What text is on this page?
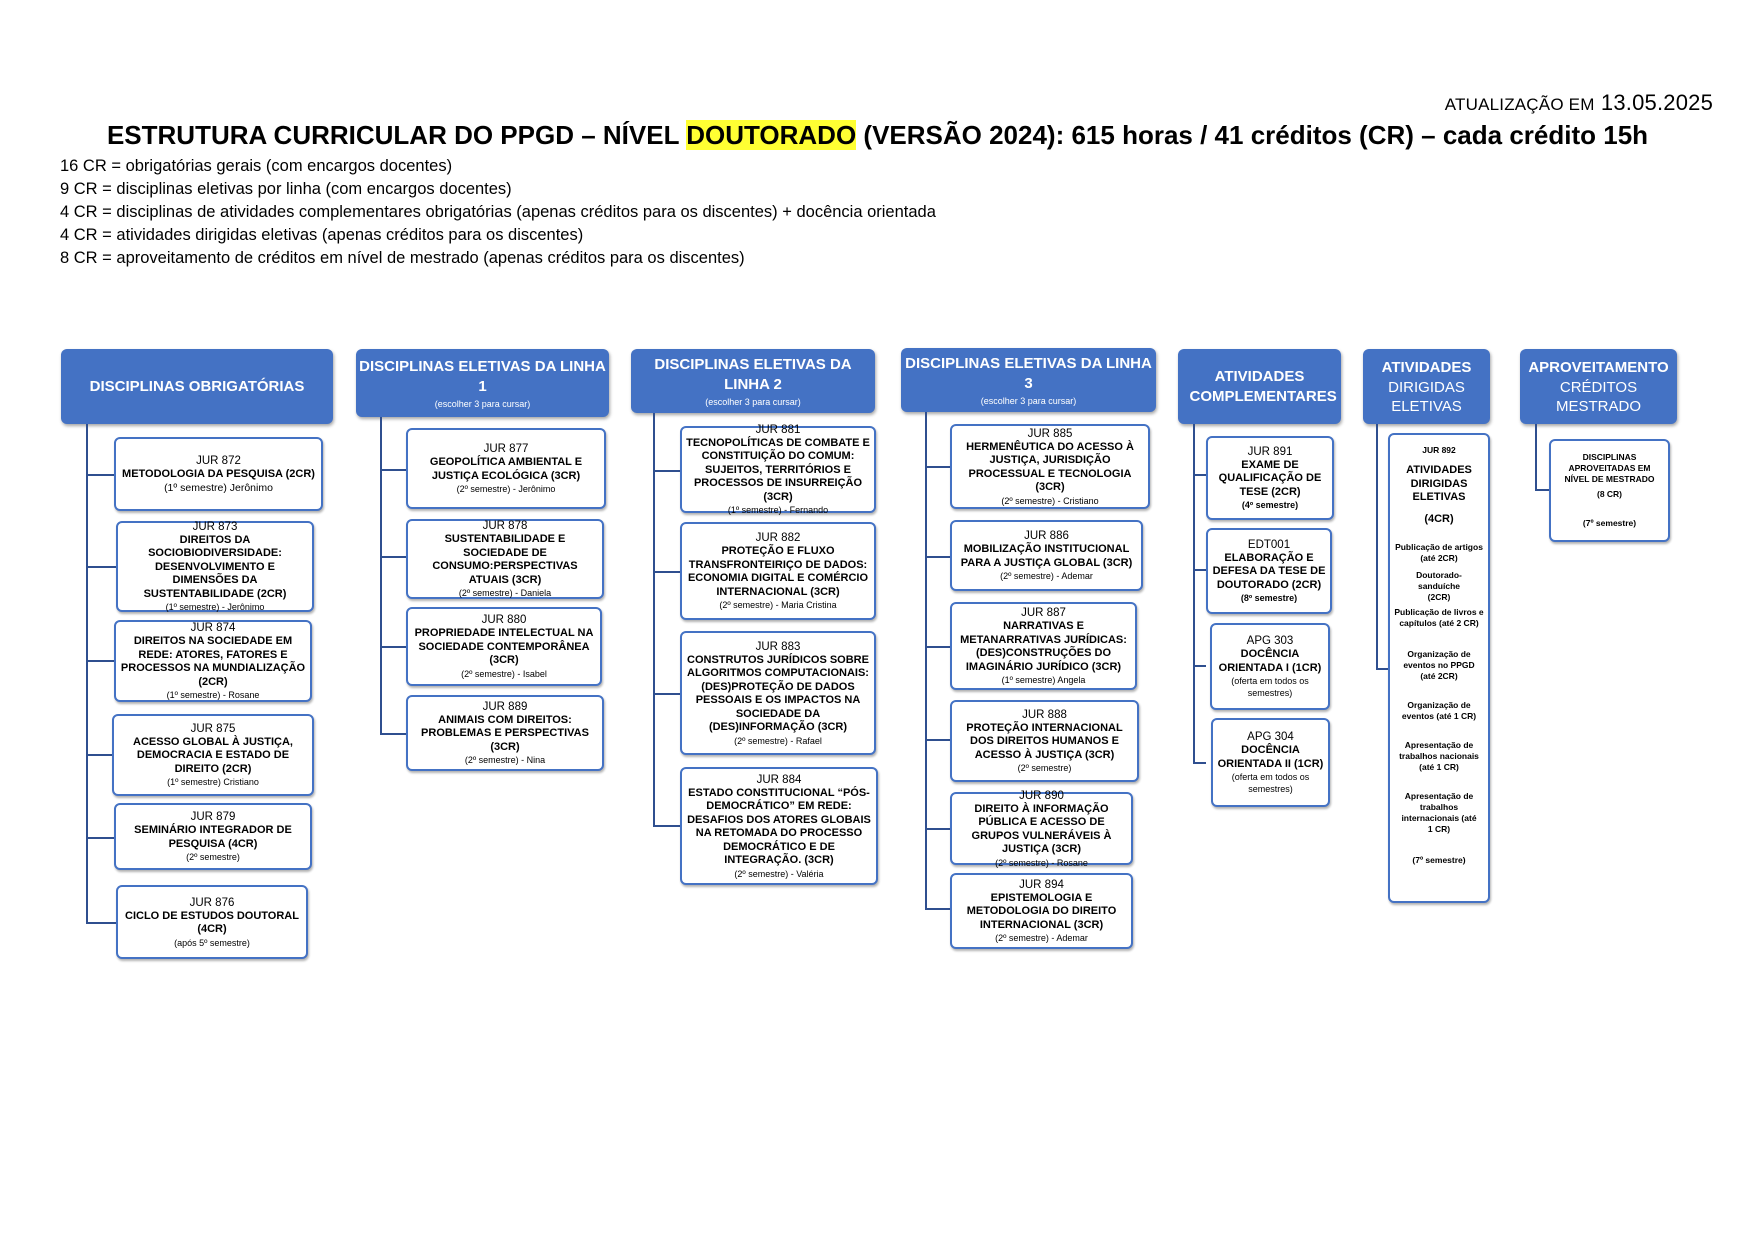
ATUALIZAÇÃO EM 13.05.2025
ESTRUTURA CURRICULAR DO PPGD – NÍVEL DOUTORADO (VERSÃO 2024): 615 horas / 41 créditos (CR) – cada crédito 15h
16 CR = obrigatórias gerais (com encargos docentes)
9 CR = disciplinas eletivas por linha (com encargos docentes)
4 CR = disciplinas de atividades complementares obrigatórias (apenas créditos para os discentes) + docência orientada
4 CR = atividades dirigidas eletivas (apenas créditos para os discentes)
8 CR = aproveitamento de créditos em nível de mestrado (apenas créditos para os discentes)
DISCIPLINAS OBRIGATÓRIAS
JUR 872
METODOLOGIA DA PESQUISA (2CR)
(1º semestre) Jerônimo
JUR 873
DIREITOS DA SOCIOBIODIVERSIDADE: DESENVOLVIMENTO E DIMENSÕES DA SUSTENTABILIDADE (2CR)
(1º semestre) - Jerônimo
JUR 874
DIREITOS NA SOCIEDADE EM REDE: ATORES, FATORES E PROCESSOS NA MUNDIALIZAÇÃO (2CR)
(1º semestre) - Rosane
JUR 875
ACESSO GLOBAL À JUSTIÇA, DEMOCRACIA E ESTADO DE DIREITO (2CR)
(1º semestre) Cristiano
JUR 879
SEMINÁRIO INTEGRADOR DE PESQUISA (4CR)
(2º semestre)
JUR 876
CICLO DE ESTUDOS DOUTORAL (4CR)
(após 5º semestre)
DISCIPLINAS ELETIVAS DA LINHA 1
(escolher 3 para cursar)
JUR 877
GEOPOLÍTICA AMBIENTAL E JUSTIÇA ECOLÓGICA (3CR)
(2º semestre) - Jerônimo
JUR 878
SUSTENTABILIDADE E SOCIEDADE DE CONSUMO:PERSPECTIVAS ATUAIS (3CR)
(2º semestre) - Daniela
JUR 880
PROPRIEDADE INTELECTUAL NA SOCIEDADE CONTEMPORÂNEA (3CR)
(2º semestre) - Isabel
JUR 889
ANIMAIS COM DIREITOS: PROBLEMAS E PERSPECTIVAS (3CR)
(2º semestre) - Nina
DISCIPLINAS ELETIVAS DA LINHA 2
(escolher 3 para cursar)
JUR 881
TECNOPOLÍTICAS DE COMBATE E CONSTITUIÇÃO DO COMUM: SUJEITOS, TERRITÓRIOS E PROCESSOS DE INSURREIÇÃO (3CR)
(1º semestre) - Fernando
JUR 882
PROTEÇÃO E FLUXO TRANSFRONTEIRIÇO DE DADOS: ECONOMIA DIGITAL E COMÉRCIO INTERNACIONAL (3CR)
(2º semestre) - Maria Cristina
JUR 883
CONSTRUTOS JURÍDICOS SOBRE ALGORITMOS COMPUTACIONAIS: (DES)PROTEÇÃO DE DADOS PESSOAIS E OS IMPACTOS NA SOCIEDADE DA (DES)INFORMAÇÃO (3CR)
(2º semestre) - Rafael
JUR 884
ESTADO CONSTITUCIONAL “PÓS-DEMOCRÁTICO” EM REDE: DESAFIOS DOS ATORES GLOBAIS NA RETOMADA DO PROCESSO DEMOCRÁTICO E DE INTEGRAÇÃO. (3CR)
(2º semestre) - Valéria
DISCIPLINAS ELETIVAS DA LINHA 3
(escolher 3 para cursar)
JUR 885
HERMENÊUTICA DO ACESSO À JUSTIÇA, JURISDIÇÃO PROCESSUAL E TECNOLOGIA (3CR)
(2º semestre) - Cristiano
JUR 886
MOBILIZAÇÃO INSTITUCIONAL PARA A JUSTIÇA GLOBAL (3CR)
(2º semestre) - Ademar
JUR 887
NARRATIVAS E METANARRATIVAS JURÍDICAS: (DES)CONSTRUÇÕES DO IMAGINÁRIO JURÍDICO (3CR)
(1º semestre) Angela
JUR 888
PROTEÇÃO INTERNACIONAL DOS DIREITOS HUMANOS E ACESSO À JUSTIÇA (3CR)
(2º semestre)
JUR 890
DIREITO À INFORMAÇÃO PÚBLICA E ACESSO DE GRUPOS VULNERÁVEIS À JUSTIÇA (3CR)
(2º semestre) - Rosane
JUR 894
EPISTEMOLOGIA E METODOLOGIA DO DIREITO INTERNACIONAL (3CR)
(2º semestre) - Ademar
ATIVIDADES COMPLEMENTARES
JUR 891
EXAME DE QUALIFICAÇÃO DE TESE (2CR)
(4º semestre)
EDT001
ELABORAÇÃO E DEFESA DA TESE DE DOUTORADO (2CR)
(8º semestre)
APG 303
DOCÊNCIA ORIENTADA I (1CR)
(oferta em todos os semestres)
APG 304
DOCÊNCIA ORIENTADA II (1CR)
(oferta em todos os semestres)
ATIVIDADES
DIRIGIDAS ELETIVAS
JUR 892
ATIVIDADES DIRIGIDAS ELETIVAS
(4CR)
Publicação de artigos (até 2CR)
Doutorado-sanduíche (2CR)
Publicação de livros e capítulos (até 2 CR)
Organização de eventos no PPGD (até 2CR)
Organização de eventos (até 1 CR)
Apresentação de trabalhos nacionais (até 1 CR)
Apresentação de trabalhos internacionais (até 1 CR)
(7º semestre)
APROVEITAMENTO
CRÉDITOS MESTRADO
DISCIPLINAS APROVEITADAS EM NÍVEL DE MESTRADO
(8 CR)
(7º semestre)
